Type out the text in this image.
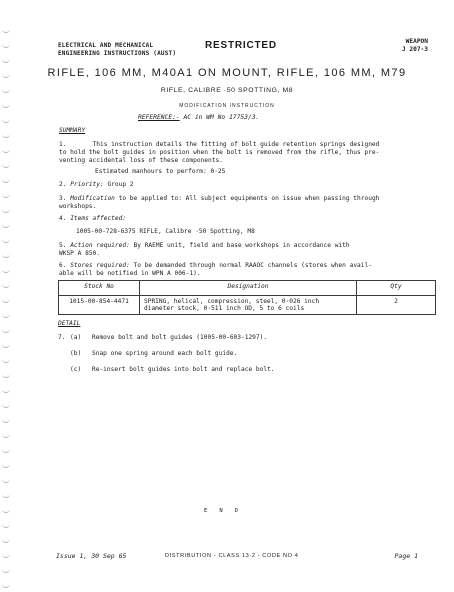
ELECTRICAL AND MECHANICAL
ENGINEERING INSTRUCTIONS (AUST)
RESTRICTED	WEAPON
J 207-3
RIFLE, 106 MM, M40A1 ON MOUNT, RIFLE, 106 MM, M79
RIFLE, CALIBRE ·50 SPOTTING, M8
MODIFICATION INSTRUCTION
REFERENCE:- AC in WM No 17753/3.
SUMMARY
1.	This instruction details the fitting of bolt guide retention springs designed
to hold the bolt guides in position when the bolt is removed from the rifle, thus pre-
venting accidental loss of these components.
Estimated manhours to perform: 0·25
2. Priority: Group 2
3. Modification to be applied to: All subject equipments on issue when passing through
workshops.
4. Items affected:
1005-00-728-6375 RIFLE, Calibre ·50 Spotting, M8
5. Action required: By RAEME unit, field and base workshops in accordance with
WKSP A 850.
6. Stores required: To be demanded through normal RAAOC channels (stores when avail-
able will be notified in WPN A 006-1).
Stock No	Designation	Qty
1015-00-854-4471	SPRING, helical, compression, steel, 0·026 inch
diameter stock, 0·511 inch OD, 5 to 6 coils	2
DETAIL
7. (a) Remove bolt and bolt guides (1005-00-603-1297).
(b) Snap one spring around each bolt guide.
(c) Re-insert bolt guides into bolt and replace bolt.
END
Issue 1, 30 Sep 65	DISTRIBUTION - CLASS 13·2 - CODE NO 4	Page 1
